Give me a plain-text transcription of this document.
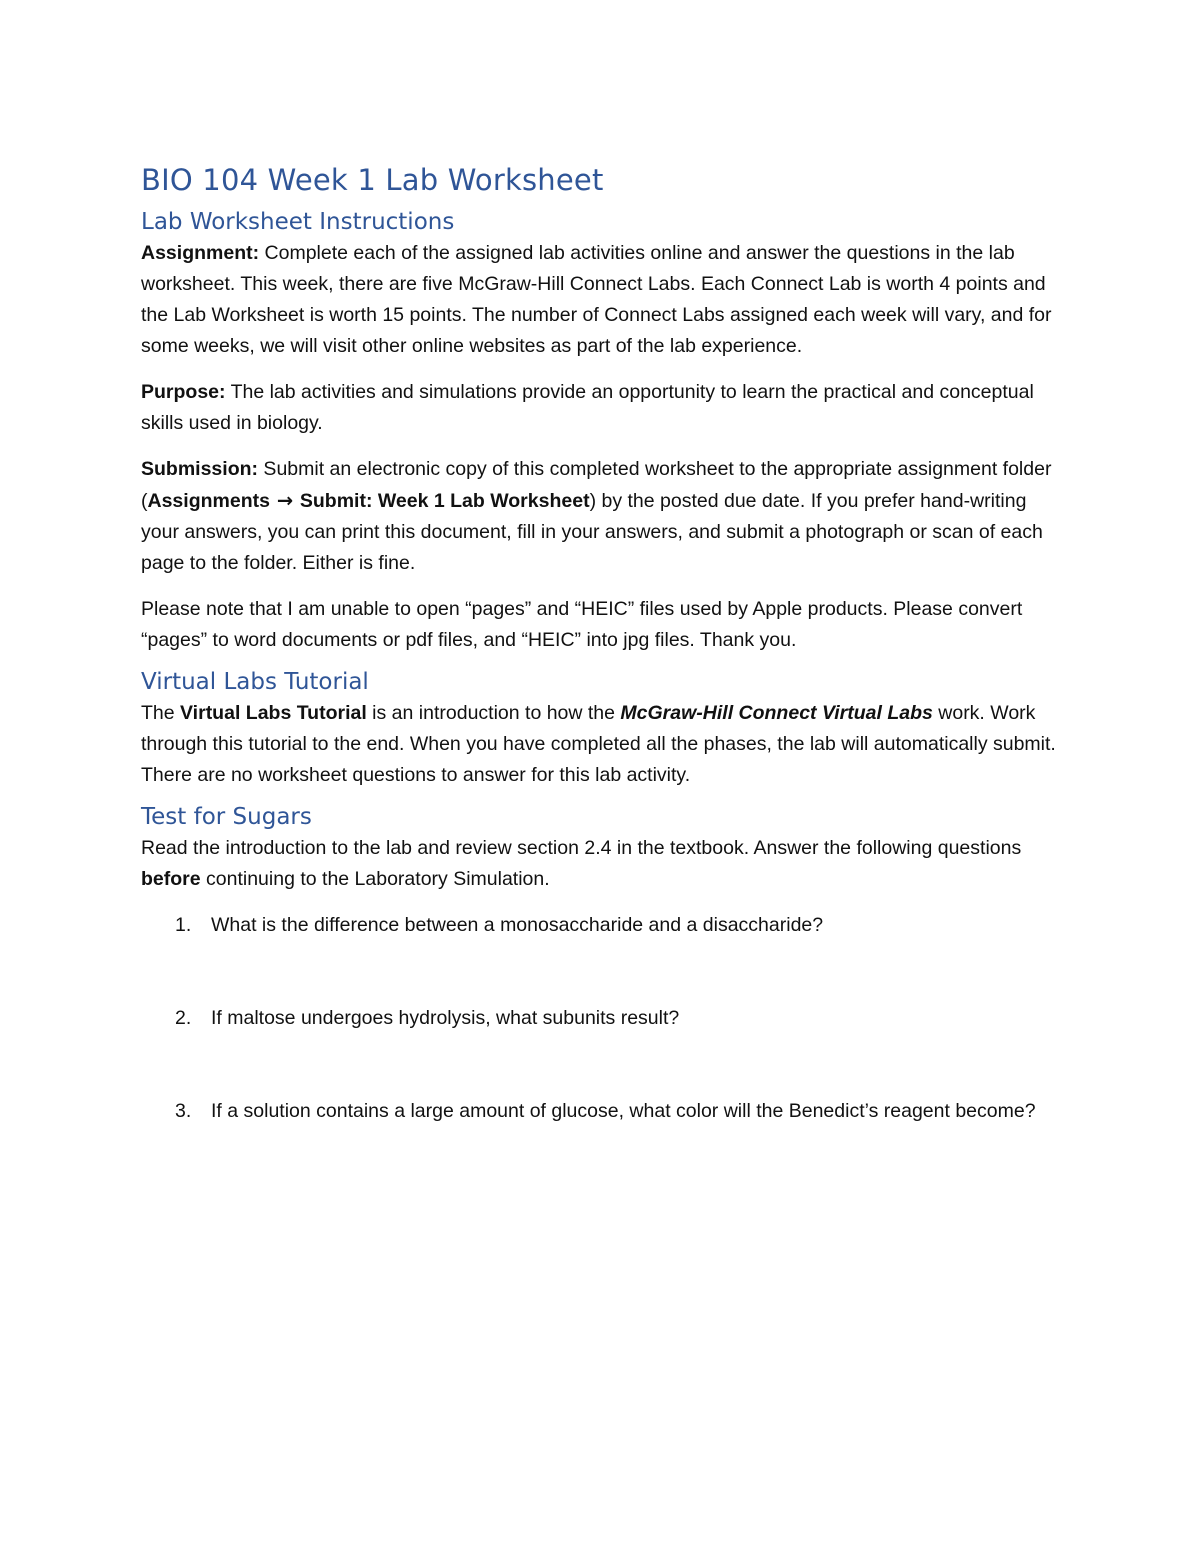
BIO 104 Week 1 Lab Worksheet
Lab Worksheet Instructions

Assignment: Complete each of the assigned lab activities online and answer the questions in the lab worksheet. This week, there are five McGraw-Hill Connect Labs. Each Connect Lab is worth 4 points and the Lab Worksheet is worth 15 points. The number of Connect Labs assigned each week will vary, and for some weeks, we will visit other online websites as part of the lab experience.

Purpose: The lab activities and simulations provide an opportunity to learn the practical and conceptual skills used in biology.

Submission: Submit an electronic copy of this completed worksheet to the appropriate assignment folder (Assignments → Submit: Week 1 Lab Worksheet) by the posted due date. If you prefer hand-writing your answers, you can print this document, fill in your answers, and submit a photograph or scan of each page to the folder. Either is fine.

Please note that I am unable to open “pages” and “HEIC” files used by Apple products. Please convert “pages” to word documents or pdf files, and “HEIC” into jpg files. Thank you.

Virtual Labs Tutorial

The Virtual Labs Tutorial is an introduction to how the McGraw-Hill Connect Virtual Labs work. Work through this tutorial to the end. When you have completed all the phases, the lab will automatically submit. There are no worksheet questions to answer for this lab activity.

Test for Sugars

Read the introduction to the lab and review section 2.4 in the textbook. Answer the following questions before continuing to the Laboratory Simulation.

1. What is the difference between a monosaccharide and a disaccharide?
2. If maltose undergoes hydrolysis, what subunits result?
3. If a solution contains a large amount of glucose, what color will the Benedict’s reagent become?
